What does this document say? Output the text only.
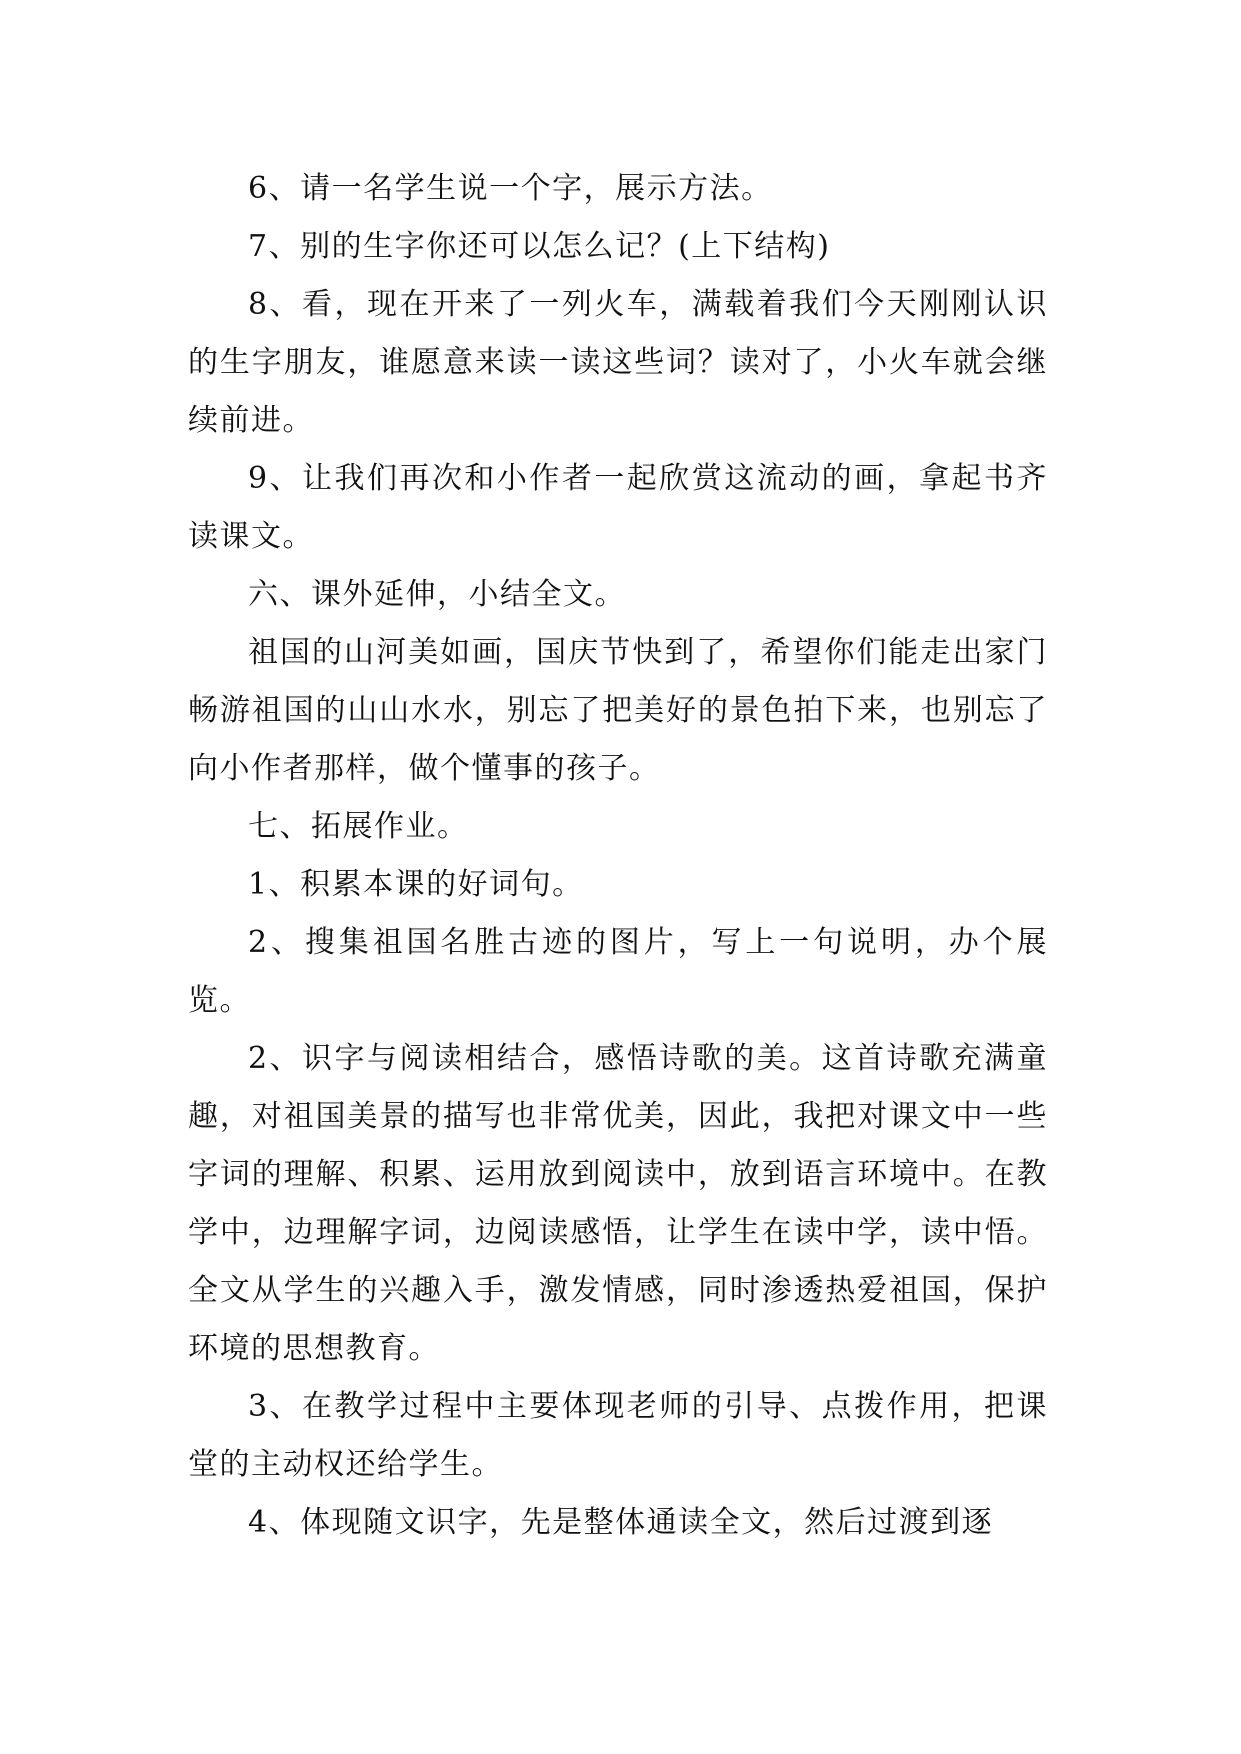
6、请一名学生说一个字，展示方法。

7、别的生字你还可以怎么记？(上下结构)

8、看，现在开来了一列火车，满载着我们今天刚刚认识的生字朋友，谁愿意来读一读这些词？读对了，小火车就会继续前进。

9、让我们再次和小作者一起欣赏这流动的画，拿起书齐读课文。

六、课外延伸，小结全文。

祖国的山河美如画，国庆节快到了，希望你们能走出家门畅游祖国的山山水水，别忘了把美好的景色拍下来，也别忘了向小作者那样，做个懂事的孩子。

七、拓展作业。

1、积累本课的好词句。

2、搜集祖国名胜古迹的图片，写上一句说明，办个展览。

2、识字与阅读相结合，感悟诗歌的美。这首诗歌充满童趣，对祖国美景的描写也非常优美，因此，我把对课文中一些字词的理解、积累、运用放到阅读中，放到语言环境中。在教学中，边理解字词，边阅读感悟，让学生在读中学，读中悟。全文从学生的兴趣入手，激发情感，同时渗透热爱祖国，保护环境的思想教育。

3、在教学过程中主要体现老师的引导、点拨作用，把课堂的主动权还给学生。

4、体现随文识字，先是整体通读全文，然后过渡到逐
